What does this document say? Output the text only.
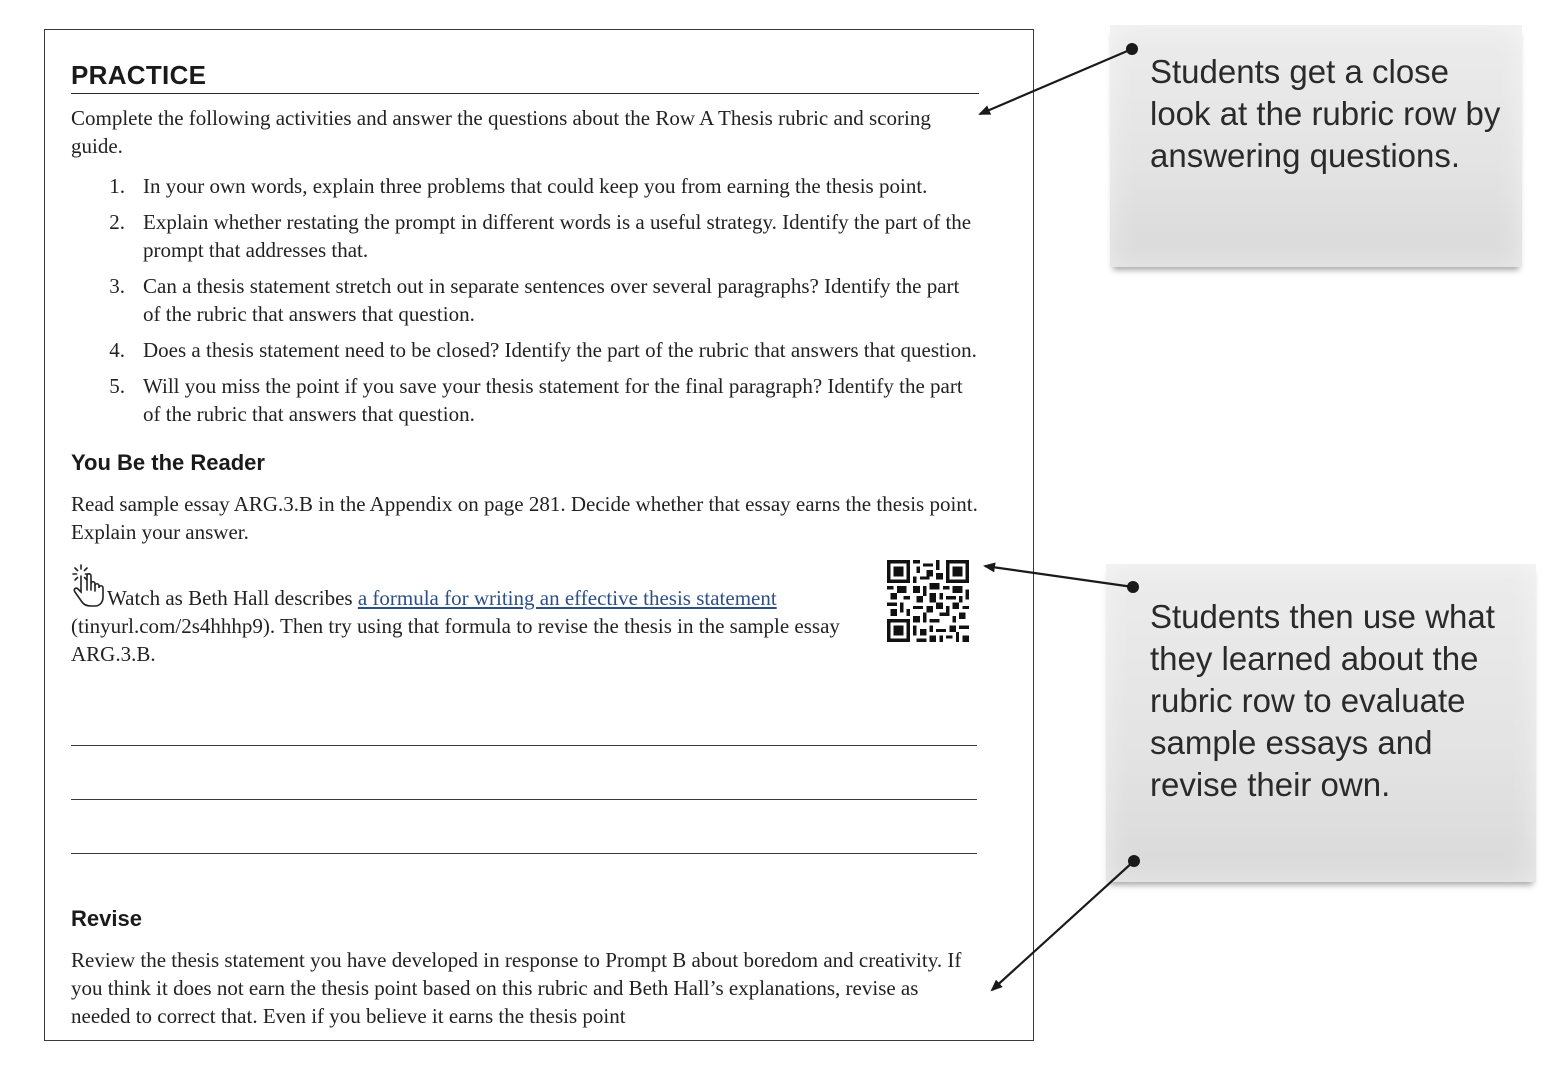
PRACTICE

Complete the following activities and answer the questions about the Row A Thesis rubric and scoring guide.

1. In your own words, explain three problems that could keep you from earning the thesis point.
2. Explain whether restating the prompt in different words is a useful strategy. Identify the part of the prompt that addresses that.
3. Can a thesis statement stretch out in separate sentences over several paragraphs? Identify the part of the rubric that answers that question.
4. Does a thesis statement need to be closed? Identify the part of the rubric that answers that question.
5. Will you miss the point if you save your thesis statement for the final paragraph? Identify the part of the rubric that answers that question.
You Be the Reader

Read sample essay ARG.3.B in the Appendix on page 281. Decide whether that essay earns the thesis point. Explain your answer.

Watch as Beth Hall describes a formula for writing an effective thesis statement (tinyurl.com/2s4hhhp9). Then try using that formula to revise the thesis in the sample essay ARG.3.B.
Revise

Review the thesis statement you have developed in response to Prompt B about boredom and creativity. If you think it does not earn the thesis point based on this rubric and Beth Hall’s explanations, revise as needed to correct that. Even if you believe it earns the thesis point

Students get a close look at the rubric row by answering questions.
Students then use what they learned about the rubric row to evaluate sample essays and revise their own.
